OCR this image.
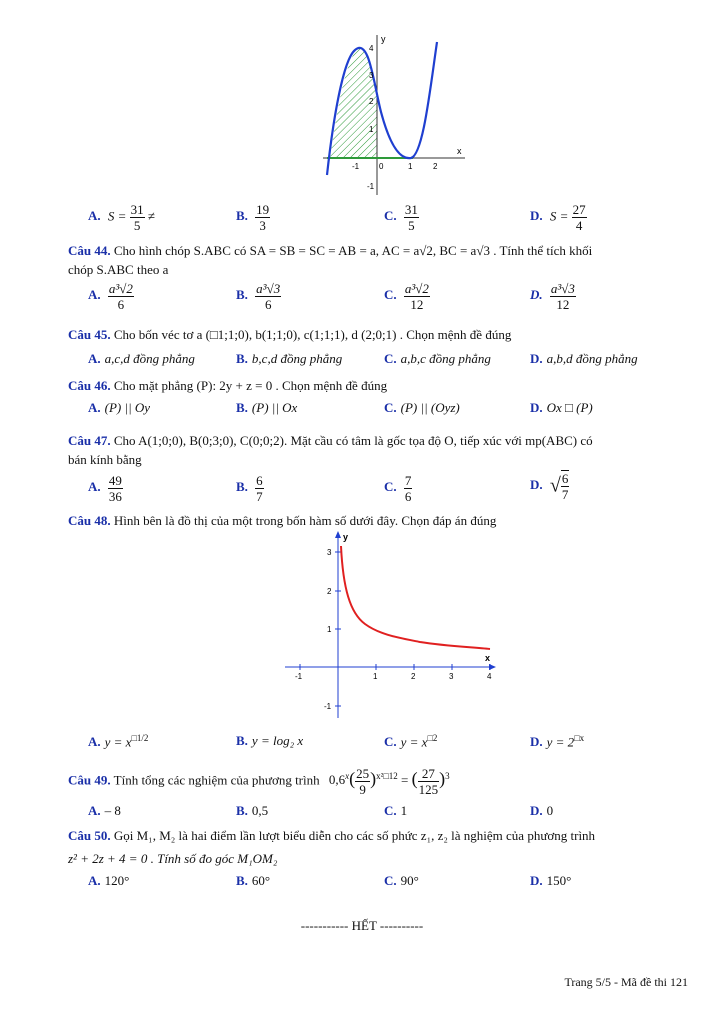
x
y
-1 0	1	2
4
3
2
1
-1
A. $S = \frac{31}{5}$ ≠	B. $\frac{19}{3}$	C. $\frac{31}{5}$	D. $S = \frac{27}{4}$
Câu 44. Cho hình chóp S.ABC có SA = SB = SC = AB = a, AC = a√2, BC = a√3 . Tính thể tích khối
chóp S.ABC theo a
A. $\frac{\text{a³√2}}{6}$	B. $\frac{\text{a³√3}}{6}$	C. $\frac{\text{a³√2}}{12}$	D. $\frac{\text{a³√3}}{12}$
Câu 45. Cho bốn véc tơ a (□1;1;0), b(1;1;0), c(1;1;1), d (2;0;1) . Chọn mệnh đề đúng
A. a,c,d đồng phẳng	B. b,c,d đồng phẳng	C. a,b,c đồng phẳng	D. a,b,d đồng phẳng
Câu 46. Cho mặt phẳng (P): 2y + z = 0 . Chọn mệnh đề đúng
A. (P) || Oy	B. (P) || Ox	C. (P) || (Oyz)	D. Ox □ (P)
Câu 47. Cho A(1;0;0), B(0;3;0), C(0;0;2). Mặt cầu có tâm là gốc tọa độ O, tiếp xúc với mp(ABC) có
bán kính bằng
A. $\frac{49}{36}$	B. $\frac{6}{7}$	C. $\frac{7}{6}$	D. √ $\frac{6}{7}$
Câu 48. Hình bên là đồ thị của một trong bốn hàm số dưới đây. Chọn đáp án đúng
x
y
-1	1	2	3	4
3
2
1
-1
A. $y = x^{□1/2}$	B. y = log₂ x	C. $y = x^{□2}$	D. $y = 2^{□x}$
Câu 49. Tính tổng các nghiệm của phương trình $0,6^x( \frac{25}{9} )^{x^2□12}$ = ( $\frac{27}{125} )^3$
A. – 8	B. 0,5	C. 1	D. 0
Câu 50. Gọi M₁, M₂ là hai điểm lần lượt biểu diễn cho các số phức z₁, z₂ là nghiệm của phương trình
z² + 2z + 4 = 0 . Tính số đo góc M₁OM₂
A. 120°	B. 60°	C. 90°	D. 150°
----------- HẾT ----------
Trang 5/5 - Mã đề thi 121
